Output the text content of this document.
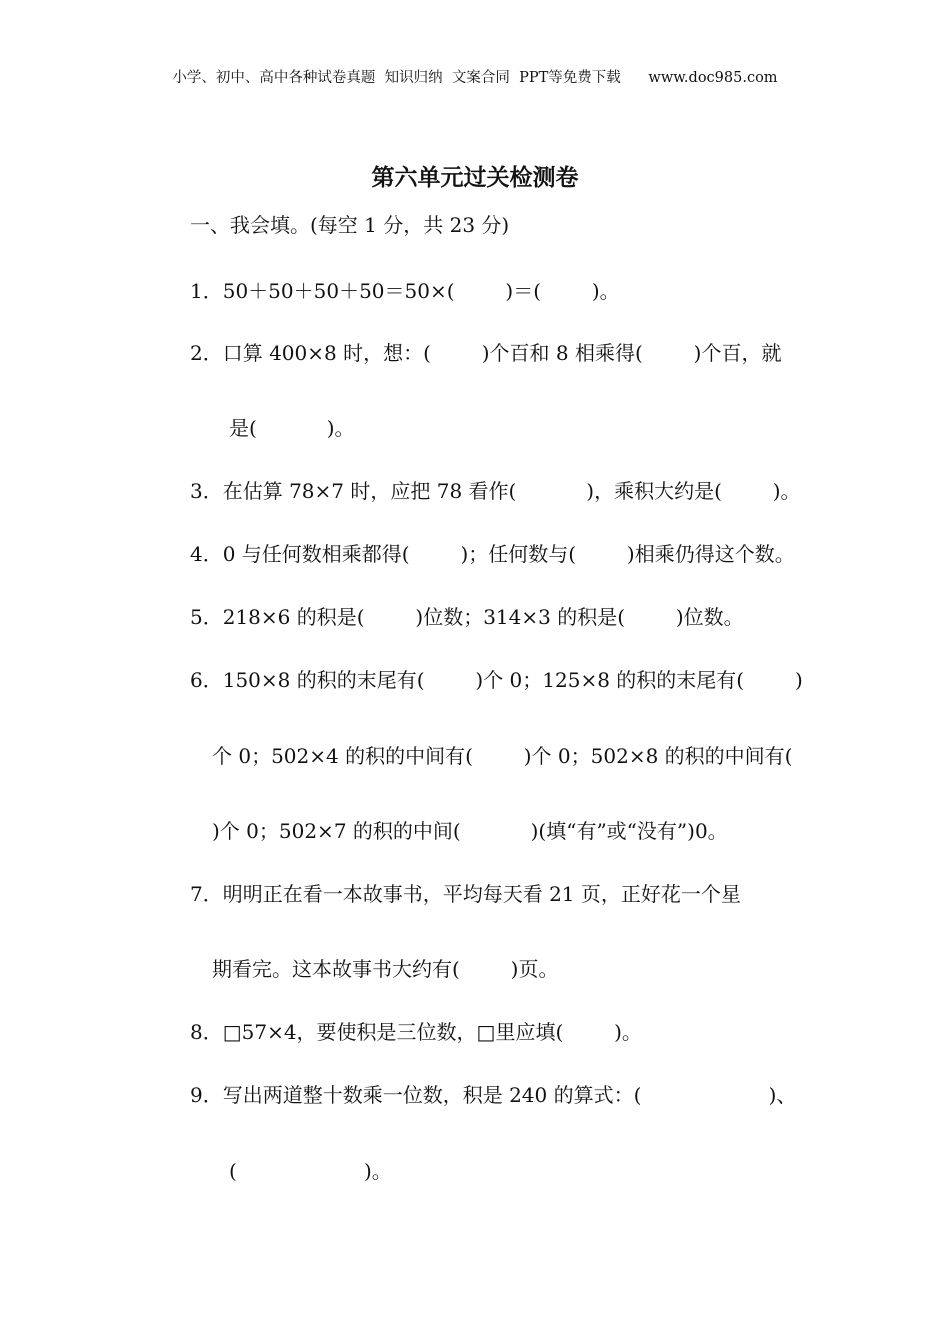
小学、初中、高中各种试卷真题  知识归纳  文案合同  PPT等免费下载      www.doc985.com
第六单元过关检测卷
一、我会填。(每空 1 分，共 23 分)
1．50＋50＋50＋50＝50×(        )＝(        )。
2．口算 400×8 时，想：(        )个百和 8 相乘得(        )个百，就
是(           )。
3．在估算 78×7 时，应把 78 看作(           )，乘积大约是(        )。
4．0 与任何数相乘都得(        )；任何数与(        )相乘仍得这个数。
5．218×6 的积是(        )位数；314×3 的积是(        )位数。
6．150×8 的积的末尾有(        )个 0；125×8 的积的末尾有(        )
个 0；502×4 的积的中间有(        )个 0；502×8 的积的中间有(
)个 0；502×7 的积的中间(           )(填“有”或“没有”)0。
7．明明正在看一本故事书，平均每天看 21 页，正好花一个星
期看完。这本故事书大约有(        )页。
8．□57×4，要使积是三位数，□里应填(        )。
9．写出两道整十数乘一位数，积是 240 的算式：(                    )、
(                    )。
